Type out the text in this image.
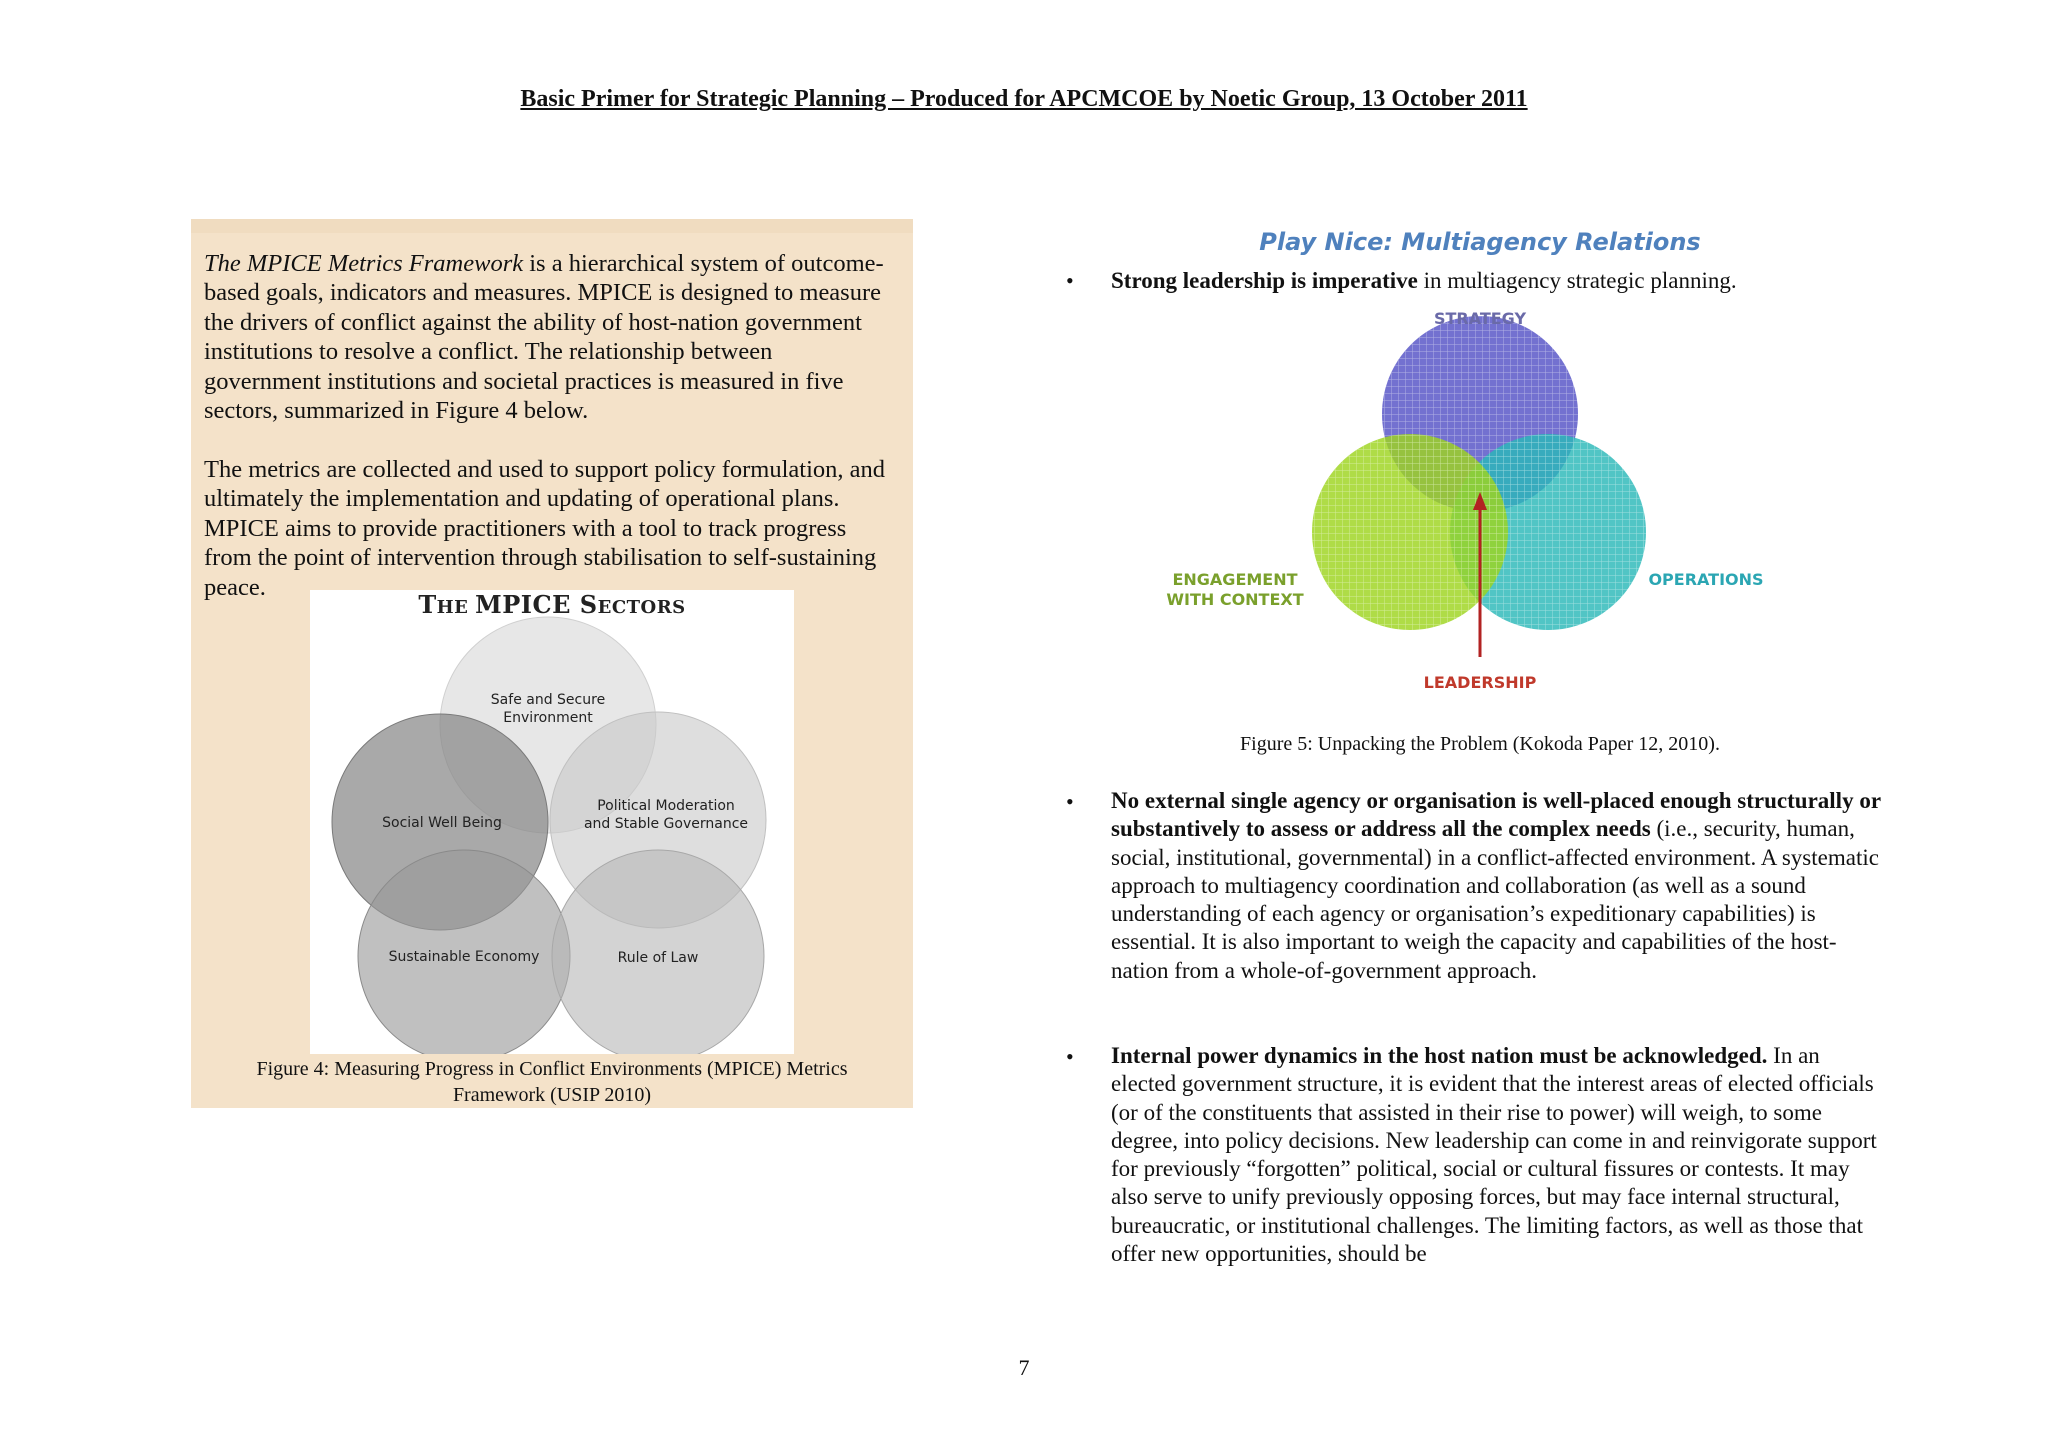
Basic Primer for Strategic Planning – Produced for APCMCOE by Noetic Group, 13 October 2011

The MPICE Metrics Framework is a hierarchical system of outcome-based goals, indicators and measures. MPICE is designed to measure the drivers of conflict against the ability of host-nation government institutions to resolve a conflict. The relationship between government institutions and societal practices is measured in five sectors, summarized in Figure 4 below.

The metrics are collected and used to support policy formulation, and ultimately the implementation and updating of operational plans. MPICE aims to provide practitioners with a tool to track progress from the point of intervention through stabilisation to self-sustaining peace.

THE MPICE SECTORS
Safe and Secure
Environment
Social Well Being
Political Moderation
and Stable Governance
Sustainable Economy	Rule of Law
Figure 4: Measuring Progress in Conflict Environments (MPICE) Metrics
Framework (USIP 2010)
Play Nice: Multiagency Relations
• Strong leadership is imperative in multiagency strategic planning.
STRATEGY
ENGAGEMENT
WITH CONTEXT
OPERATIONS
LEADERSHIP
Figure 5: Unpacking the Problem (Kokoda Paper 12, 2010).
• No external single agency or organisation is well-placed enough structurally or substantively to assess or address all the complex needs (i.e., security, human, social, institutional, governmental) in a conflict-affected environment. A systematic approach to multiagency coordination and collaboration (as well as a sound understanding of each agency or organisation’s expeditionary capabilities) is essential. It is also important to weigh the capacity and capabilities of the host-nation from a whole-of-government approach.
• Internal power dynamics in the host nation must be acknowledged. In an elected government structure, it is evident that the interest areas of elected officials (or of the constituents that assisted in their rise to power) will weigh, to some degree, into policy decisions. New leadership can come in and reinvigorate support for previously “forgotten” political, social or cultural fissures or contests. It may also serve to unify previously opposing forces, but may face internal structural, bureaucratic, or institutional challenges. The limiting factors, as well as those that offer new opportunities, should be
7
